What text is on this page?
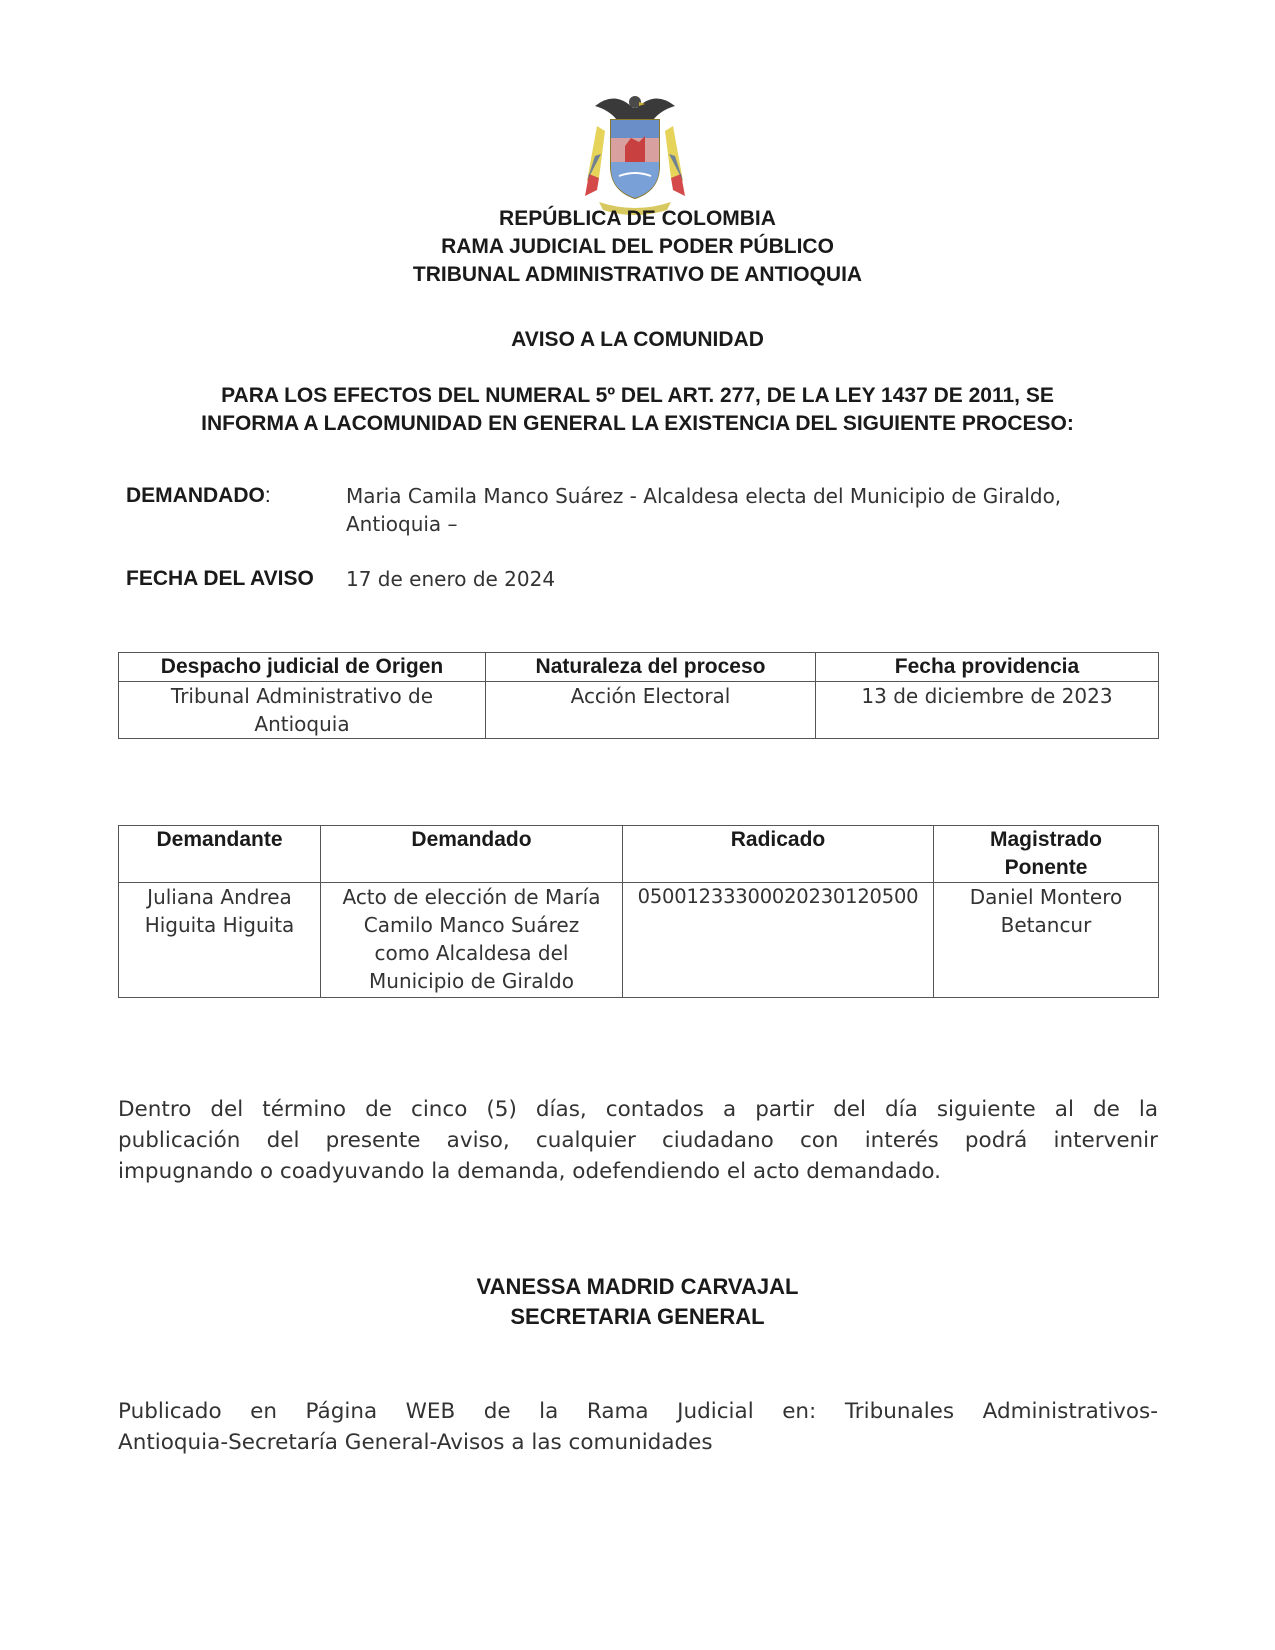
REPÚBLICA DE COLOMBIA
RAMA JUDICIAL DEL PODER PÚBLICO
TRIBUNAL ADMINISTRATIVO DE ANTIOQUIA
AVISO A LA COMUNIDAD
PARA LOS EFECTOS DEL NUMERAL 5º DEL ART. 277, DE LA LEY 1437 DE 2011, SE
INFORMA A LACOMUNIDAD EN GENERAL LA EXISTENCIA DEL SIGUIENTE PROCESO:
DEMANDADO:	Maria Camila Manco Suárez - Alcaldesa electa del Municipio de Giraldo, Antioquia –
FECHA DEL AVISO 17 de enero de 2024
Despacho judicial de Origen	Naturaleza del proceso	Fecha providencia
Tribunal Administrativo de Antioquia	Acción Electoral	13 de diciembre de 2023
Demandante	Demandado	Radicado	Magistrado Ponente
Juliana Andrea Higuita Higuita	Acto de elección de María Camilo Manco Suárez como Alcaldesa del Municipio de Giraldo	05001233300020230120500	Daniel Montero Betancur
Dentro del término de cinco (5) días, contados a partir del día siguiente al de la
publicación del presente aviso, cualquier ciudadano con interés podrá intervenir
impugnando o coadyuvando la demanda, odefendiendo el acto demandado.
VANESSA MADRID CARVAJAL
SECRETARIA GENERAL
Publicado en Página WEB de la Rama Judicial en: Tribunales Administrativos-
Antioquia-Secretaría General-Avisos a las comunidades
